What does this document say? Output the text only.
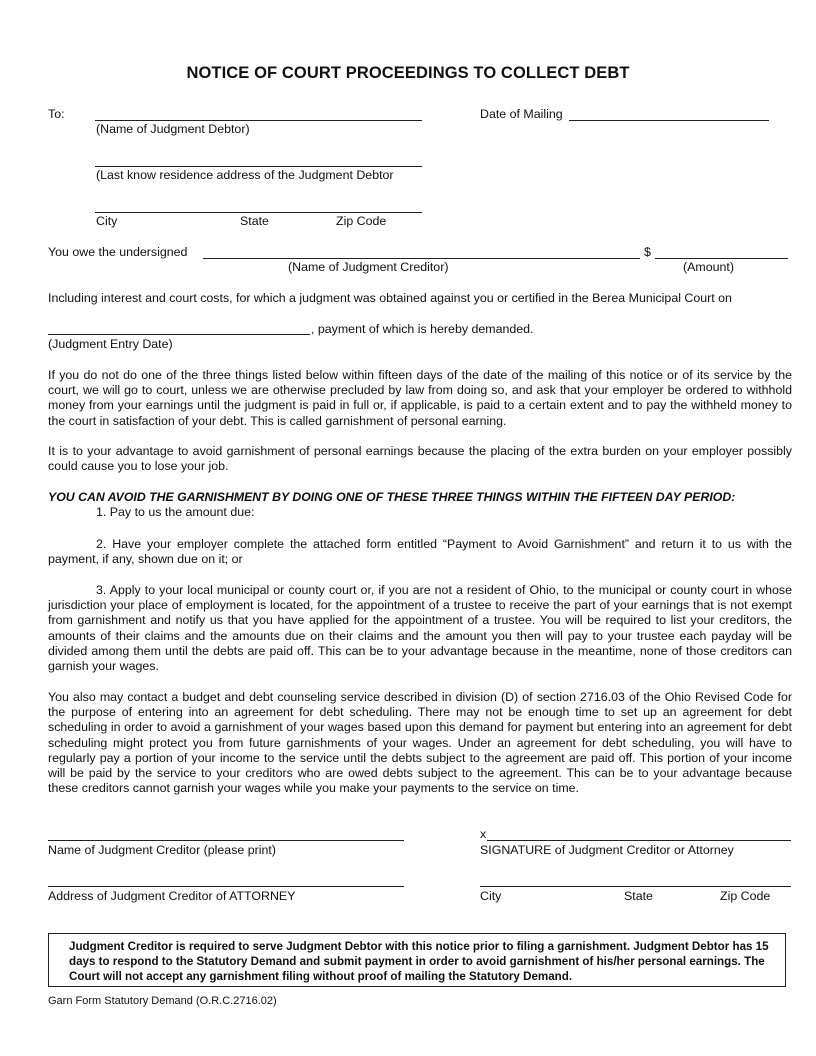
NOTICE OF COURT PROCEEDINGS TO COLLECT DEBT
To:
(Name of Judgment Debtor)
Date of Mailing
(Last know residence address of the Judgment Debtor
City	State	Zip Code
You owe the undersigned	$
(Name of Judgment Creditor)	(Amount)
Including interest and court costs, for which a judgment was obtained against you or certified in the Berea Municipal Court on
, payment of which is hereby demanded.
(Judgment Entry Date)
If you do not do one of the three things listed below within fifteen days of the date of the mailing of this notice or of its service by the court, we will go to court, unless we are otherwise precluded by law from doing so, and ask that your employer be ordered to withhold money from your earnings until the judgment is paid in full or, if applicable, is paid to a certain extent and to pay the withheld money to the court in satisfaction of your debt. This is called garnishment of personal earning.
It is to your advantage to avoid garnishment of personal earnings because the placing of the extra burden on your employer possibly could cause you to lose your job.
YOU CAN AVOID THE GARNISHMENT BY DOING ONE OF THESE THREE THINGS WITHIN THE FIFTEEN DAY PERIOD:
1. Pay to us the amount due:
2. Have your employer complete the attached form entitled “Payment to Avoid Garnishment” and return it to us with the payment, if any, shown due on it; or
3. Apply to your local municipal or county court or, if you are not a resident of Ohio, to the municipal or county court in whose jurisdiction your place of employment is located, for the appointment of a trustee to receive the part of your earnings that is not exempt from garnishment and notify us that you have applied for the appointment of a trustee. You will be required to list your creditors, the amounts of their claims and the amounts due on their claims and the amount you then will pay to your trustee each payday will be divided among them until the debts are paid off. This can be to your advantage because in the meantime, none of those creditors can garnish your wages.
You also may contact a budget and debt counseling service described in division (D) of section 2716.03 of the Ohio Revised Code for the purpose of entering into an agreement for debt scheduling. There may not be enough time to set up an agreement for debt scheduling in order to avoid a garnishment of your wages based upon this demand for payment but entering into an agreement for debt scheduling might protect you from future garnishments of your wages. Under an agreement for debt scheduling, you will have to regularly pay a portion of your income to the service until the debts subject to the agreement are paid off. This portion of your income will be paid by the service to your creditors who are owed debts subject to the agreement. This can be to your advantage because these creditors cannot garnish your wages while you make your payments to the service on time.
Name of Judgment Creditor (please print)
x
SIGNATURE of Judgment Creditor or Attorney
Address of Judgment Creditor of ATTORNEY	City	State	Zip Code
Judgment Creditor is required to serve Judgment Debtor with this notice prior to filing a garnishment. Judgment Debtor has 15 days to respond to the Statutory Demand and submit payment in order to avoid garnishment of his/her personal earnings. The Court will not accept any garnishment filing without proof of mailing the Statutory Demand.
Garn Form Statutory Demand (O.R.C.2716.02)
